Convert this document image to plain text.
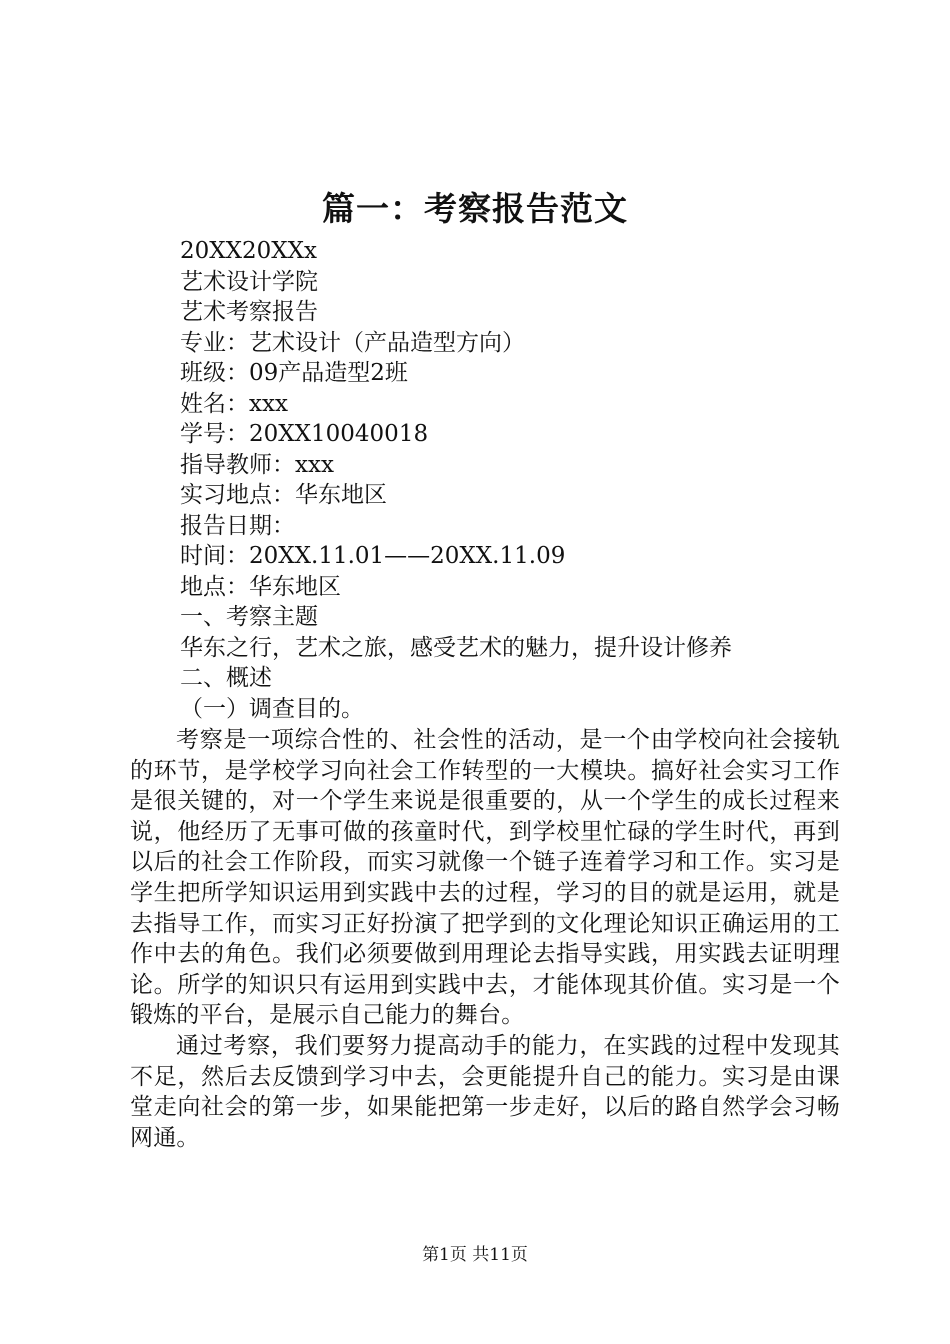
篇一：考察报告范文
20XX20XXx
艺术设计学院
艺术考察报告
专业：艺术设计（产品造型方向）
班级：09产品造型2班
姓名：xxx
学号：20XX10040018
指导教师：xxx
实习地点：华东地区
报告日期：
时间：20XX.11.01——20XX.11.09
地点：华东地区
一、考察主题
华东之行，艺术之旅，感受艺术的魅力，提升设计修养
二、概述
（一）调查目的。

考察是一项综合性的、社会性的活动，是一个由学校向社会接轨的环节，是学校学习向社会工作转型的一大模块。搞好社会实习工作是很关键的，对一个学生来说是很重要的，从一个学生的成长过程来说，他经历了无事可做的孩童时代，到学校里忙碌的学生时代，再到以后的社会工作阶段，而实习就像一个链子连着学习和工作。实习是学生把所学知识运用到实践中去的过程，学习的目的就是运用，就是去指导工作，而实习正好扮演了把学到的文化理论知识正确运用的工作中去的角色。我们必须要做到用理论去指导实践，用实践去证明理论。所学的知识只有运用到实践中去，才能体现其价值。实习是一个锻炼的平台，是展示自己能力的舞台。

通过考察，我们要努力提高动手的能力，在实践的过程中发现其不足，然后去反馈到学习中去，会更能提升自己的能力。实习是由课堂走向社会的第一步，如果能把第一步走好，以后的路自然学会习畅网通。

第1页 共11页
